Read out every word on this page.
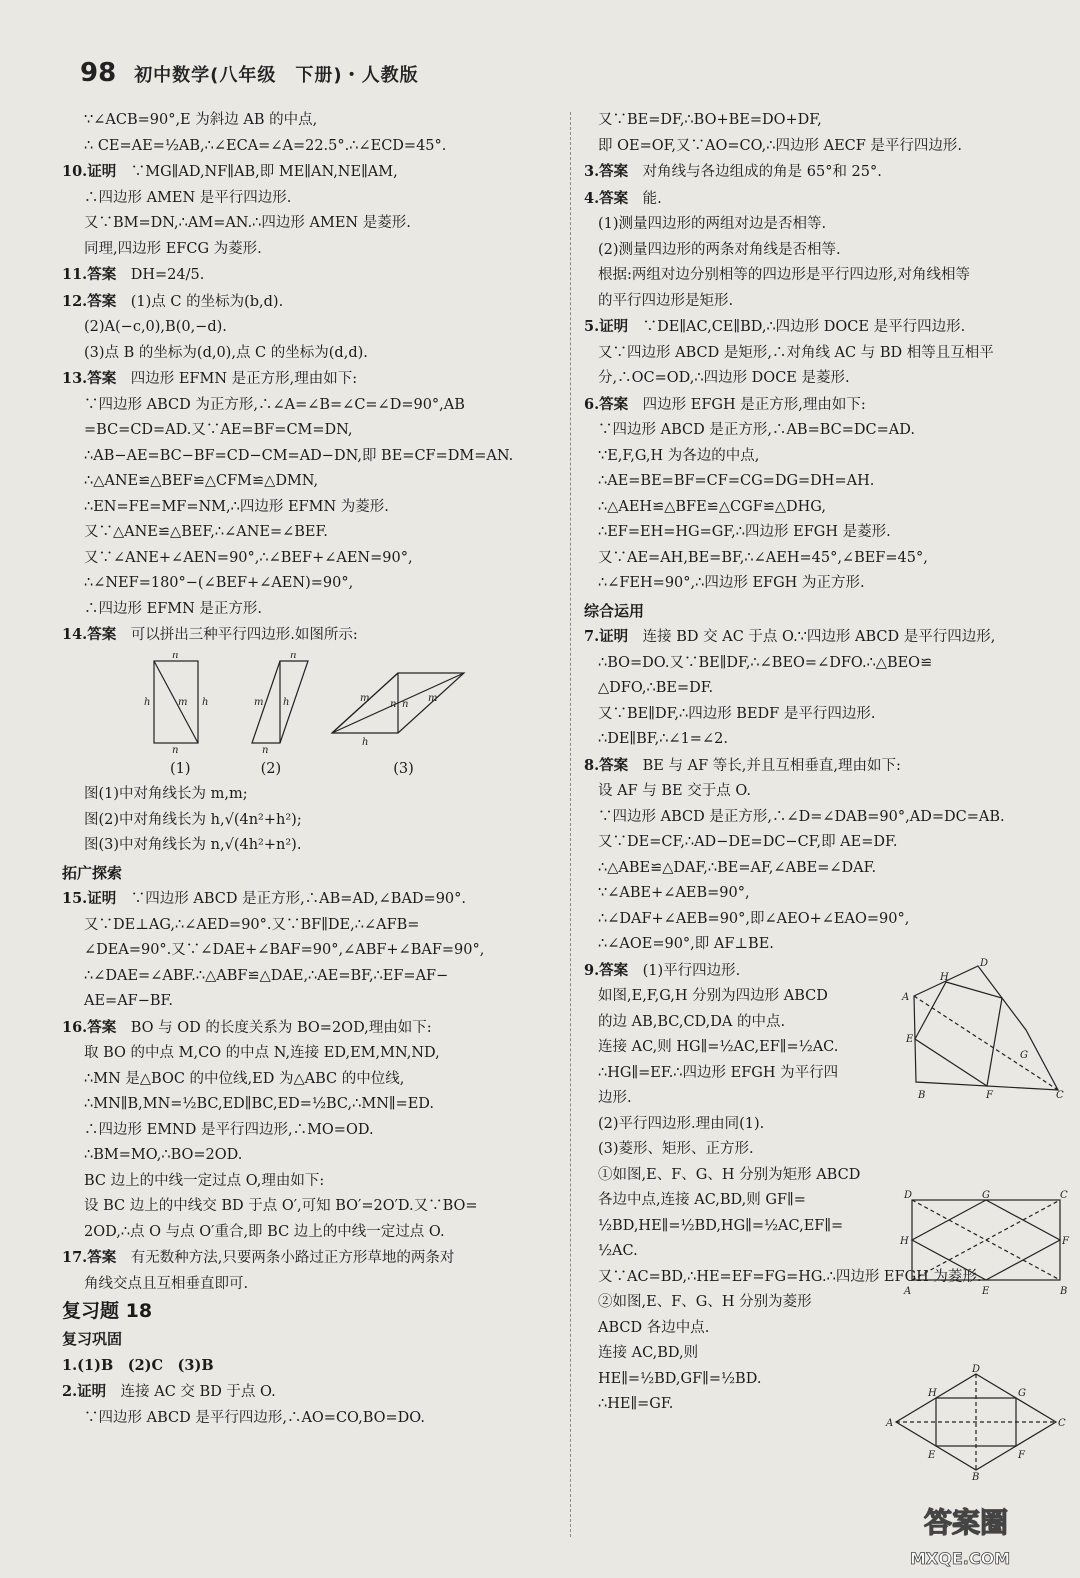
98 初中数学(八年级　下册)・人教版
∵∠ACB=90°,E 为斜边 AB 的中点,
∴ CE=AE=½AB,∴∠ECA=∠A=22.5°.∴∠ECD=45°.
10.证明　 ∵MG∥AD,NF∥AB,即 ME∥AN,NE∥AM,
∴四边形 AMEN 是平行四边形.
又∵BM=DN,∴AM=AN.∴四边形 AMEN 是菱形.
同理,四边形 EFCG 为菱形.
11.答案　 DH=24/5.
12.答案　 (1)点 C 的坐标为(b,d).
(2)A(−c,0),B(0,−d).
(3)点 B 的坐标为(d,0),点 C 的坐标为(d,d).
13.答案　 四边形 EFMN 是正方形,理由如下:
∵四边形 ABCD 为正方形,∴∠A=∠B=∠C=∠D=90°,AB
=BC=CD=AD.又∵AE=BF=CM=DN,
∴AB−AE=BC−BF=CD−CM=AD−DN,即 BE=CF=DM=AN.
∴△ANE≌△BEF≌△CFM≌△DMN,
∴EN=FE=MF=NM,∴四边形 EFMN 为菱形.
又∵△ANE≌△BEF,∴∠ANE=∠BEF.
又∵∠ANE+∠AEN=90°,∴∠BEF+∠AEN=90°,
∴∠NEF=180°−(∠BEF+∠AEN)=90°,
∴四边形 EFMN 是正方形.
14.答案　 可以拼出三种平行四边形.如图所示:
n
m
h	h
n
n
m h
n
m	m
n
h
n
(1)	(2)	(3)
图(1)中对角线长为 m,m;
图(2)中对角线长为 h,√(4n²+h²);
图(3)中对角线长为 n,√(4h²+n²).
拓广探索
15.证明　 ∵四边形 ABCD 是正方形,∴AB=AD,∠BAD=90°.
又∵DE⊥AG,∴∠AED=90°.又∵BF∥DE,∴∠AFB=
∠DEA=90°.又∵∠DAE+∠BAF=90°,∠ABF+∠BAF=90°,
∴∠DAE=∠ABF.∴△ABF≌△DAE,∴AE=BF,∴EF=AF−
AE=AF−BF.
16.答案　 BO 与 OD 的长度关系为 BO=2OD,理由如下:
取 BO 的中点 M,CO 的中点 N,连接 ED,EM,MN,ND,
∴MN 是△BOC 的中位线,ED 为△ABC 的中位线,
∴MN∥B,MN=½BC,ED∥BC,ED=½BC,∴MN∥=ED.
∴四边形 EMND 是平行四边形,∴MO=OD.
∴BM=MO,∴BO=2OD.
BC 边上的中线一定过点 O,理由如下:
设 BC 边上的中线交 BD 于点 O′,可知 BO′=2O′D.又∵BO=
2OD,∴点 O 与点 O′重合,即 BC 边上的中线一定过点 O.
17.答案　 有无数种方法,只要两条小路过正方形草地的两条对
角线交点且互相垂直即可.
复习题 18
复习巩固
1.(1)B　(2)C　(3)B
2.证明　 连接 AC 交 BD 于点 O.
∵四边形 ABCD 是平行四边形,∴AO=CO,BO=DO.
又∵BE=DF,∴BO+BE=DO+DF,
即 OE=OF,又∵AO=CO,∴四边形 AECF 是平行四边形.
3.答案　 对角线与各边组成的角是 65°和 25°.
4.答案　 能.
(1)测量四边形的两组对边是否相等.
(2)测量四边形的两条对角线是否相等.
根据:两组对边分别相等的四边形是平行四边形,对角线相等
的平行四边形是矩形.
5.证明　 ∵DE∥AC,CE∥BD,∴四边形 DOCE 是平行四边形.
又∵四边形 ABCD 是矩形,∴对角线 AC 与 BD 相等且互相平
分,∴OC=OD,∴四边形 DOCE 是菱形.
6.答案　 四边形 EFGH 是正方形,理由如下:
∵四边形 ABCD 是正方形,∴AB=BC=DC=AD.
∵E,F,G,H 为各边的中点,
∴AE=BE=BF=CF=CG=DG=DH=AH.
∴△AEH≌△BFE≌△CGF≌△DHG,
∴EF=EH=HG=GF,∴四边形 EFGH 是菱形.
又∵AE=AH,BE=BF,∴∠AEH=45°,∠BEF=45°,
∴∠FEH=90°,∴四边形 EFGH 为正方形.
综合运用
7.证明　 连接 BD 交 AC 于点 O.∵四边形 ABCD 是平行四边形,
∴BO=DO.又∵BE∥DF,∴∠BEO=∠DFO.∴△BEO≌
△DFO,∴BE=DF.
又∵BE∥DF,∴四边形 BEDF 是平行四边形.
∴DE∥BF,∴∠1=∠2.
8.答案　 BE 与 AF 等长,并且互相垂直,理由如下:
设 AF 与 BE 交于点 O.
∵四边形 ABCD 是正方形,∴∠D=∠DAB=90°,AD=DC=AB.
又∵DE=CF,∴AD−DE=DC−CF,即 AE=DF.
∴△ABE≌△DAF,∴BE=AF,∠ABE=∠DAF.
∵∠ABE+∠AEB=90°,
∴∠DAF+∠AEB=90°,即∠AEO+∠EAO=90°,
∴∠AOE=90°,即 AF⊥BE.
9.答案　 (1)平行四边形.
如图,E,F,G,H 分别为四边形 ABCD
的边 AB,BC,CD,DA 的中点.
连接 AC,则 HG∥=½AC,EF∥=½AC.
∴HG∥=EF.∴四边形 EFGH 为平行四
边形.
(2)平行四边形.理由同(1).
(3)菱形、矩形、正方形.
①如图,E、F、G、H 分别为矩形 ABCD
各边中点,连接 AC,BD,则 GF∥=
½BD,HE∥=½BD,HG∥=½AC,EF∥=
½AC.
又∵AC=BD,∴HE=EF=FG=HG.∴四边形 EFGH 为菱形.
②如图,E、F、G、H 分别为菱形
ABCD 各边中点.
连接 AC,BD,则
HE∥=½BD,GF∥=½BD.
∴HE∥=GF.
D
H
A
G
E
B	F	C
D	G	C
H	F
A	E	B
D
H	G
A	C
E	F
B
答案圈
MXQE.COM
